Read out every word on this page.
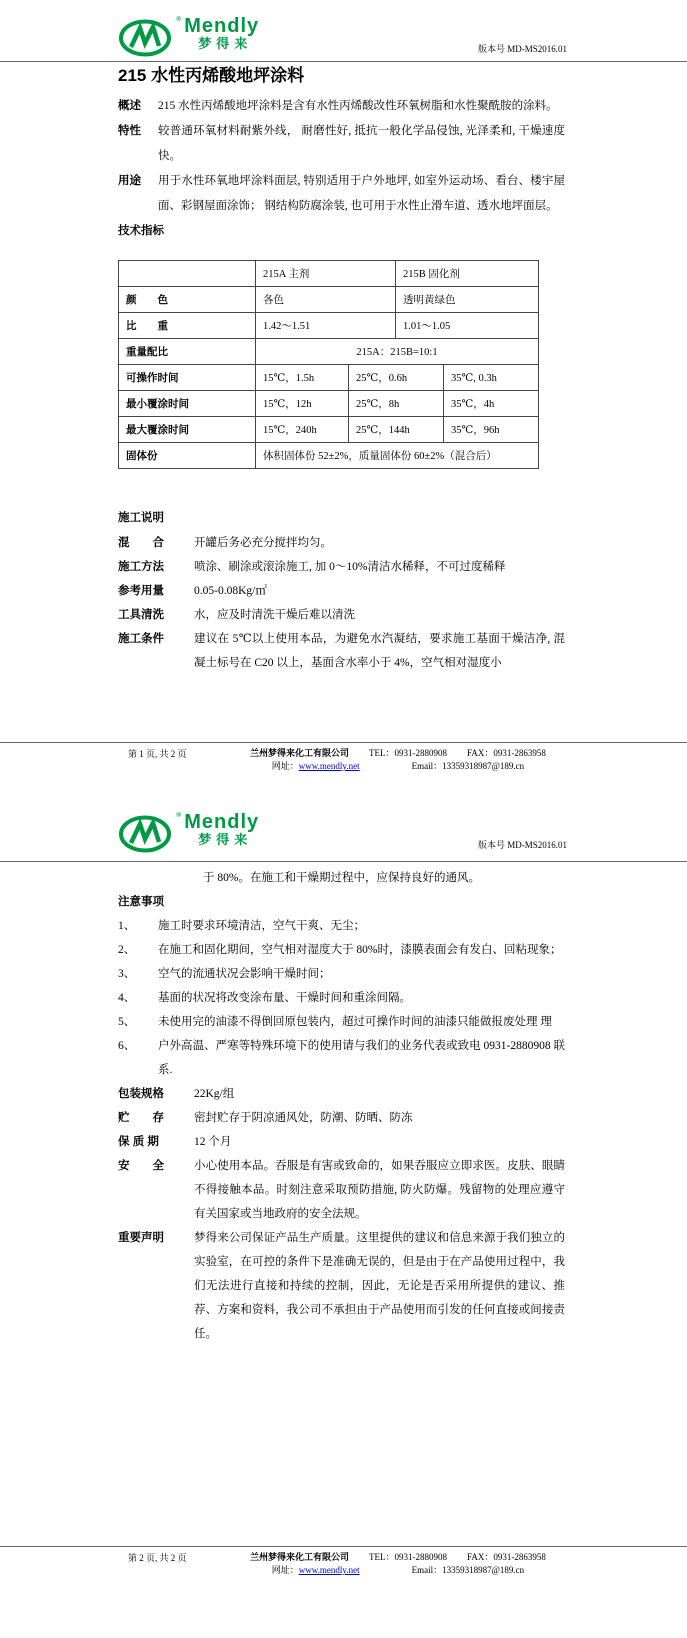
® Mendly
梦得来	版本号 MD-MS2016.01
215 水性丙烯酸地坪涂料
概述	215 水性丙烯酸地坪涂料是含有水性丙烯酸改性环氧树脂和水性聚酰胺的涂料。
特性	较普通环氧材料耐紫外线， 耐磨性好, 抵抗一般化学品侵蚀, 光泽柔和, 干燥速度快。
用途	用于水性环氧地坪涂料面层, 特别适用于户外地坪, 如室外运动场、看台、楼宇屋面、彩钢屋面涂饰； 钢结构防腐涂装, 也可用于水性止滑车道、透水地坪面层。
技术指标
	215A 主剂		215B 固化剂	
颜　　色	各色		透明黄绿色	
比　　重	1.42～1.51		1.01～1.05	
重量配比	215A：215B=10:1			
可操作时间	15℃，1.5h	25℃，0.6h		35℃, 0.3h
最小覆涂时间	15℃，12h	25℃，8h		35℃，4h
最大覆涂时间	15℃，240h	25℃，144h		35℃，96h
固体份	体积固体份 52±2%，质量固体份 60±2%（混合后）			
施工说明
混　　合	开罐后务必充分搅拌均匀。
施工方法	喷涂、刷涂或滚涂施工, 加 0～10%清洁水稀释，不可过度稀释
参考用量	0.05-0.08Kg/㎡
工具清洗	水，应及时清洗干燥后难以清洗
施工条件	建议在 5℃以上使用本品，为避免水汽凝结，要求施工基面干燥洁净, 混凝土标号在 C20 以上，基面含水率小于 4%，空气相对湿度小
第 1 页, 共 2 页	兰州梦得来化工有限公司 TEL：0931-2880908 FAX：0931-2863958
网址：www.mendly.net	Email：13359318987@189.cn
® Mendly
梦得来	版本号 MD-MS2016.01
于 80%。在施工和干燥期过程中，应保持良好的通风。
注意事项
1、	施工时要求环境清洁，空气干爽、无尘；
2、	在施工和固化期间，空气相对湿度大于 80%时，漆膜表面会有发白、回粘现象；
3、	空气的流通状况会影响干燥时间；
4、	基面的状况将改变涂布量、干燥时间和重涂间隔。
5、	未使用完的油漆不得倒回原包装内，超过可操作时间的油漆只能做报废处理 理
6、	户外高温、严寒等特殊环境下的使用请与我们的业务代表或致电 0931-2880908 联系.
包装规格	22Kg/组
贮　　存	密封贮存于阴凉通风处，防潮、防晒、防冻
保 质 期	12 个月
安　　全	小心使用本品。吞服是有害或致命的，如果吞服应立即求医。皮肤、眼睛不得接触本品。时刻注意采取预防措施, 防火防爆。残留物的处理应遵守有关国家或当地政府的安全法规。
重要声明	梦得来公司保证产品生产质量。这里提供的建议和信息来源于我们独立的实验室，在可控的条件下是准确无误的，但是由于在产品使用过程中，我们无法进行直接和持续的控制，因此，无论是否采用所提供的建议、推荐、方案和资料，我公司不承担由于产品使用而引发的任何直接或间接责任。
第 2 页, 共 2 页	兰州梦得来化工有限公司 TEL：0931-2880908 FAX：0931-2863958
网址：www.mendly.net	Email：13359318987@189.cn
